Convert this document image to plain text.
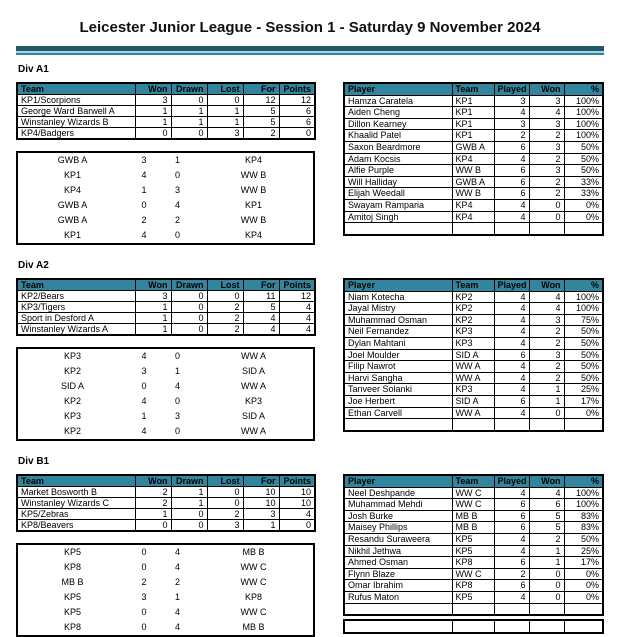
Leicester Junior League - Session 1 - Saturday 9 November 2024
Div A1
Team	Won	Drawn	Lost	For	Points
KP1/Scorpions	3	0	0	12	12
George Ward Barwell A	1	1	1	5	6
Winstanley Wizards B	1	1	1	5	6
KP4/Badgers	0	0	3	2	0
GWB A	3	1	KP4
KP1	4	0	WW B
KP4	1	3	WW B
GWB A	0	4	KP1
GWB A	2	2	WW B
KP1	4	0	KP4
Player	Team	Played	Won	%
Hamza Caratela	KP1	3	3	100%
Aiden Cheng	KP1	4	4	100%
Dillon Kearney	KP1	3	3	100%
Khaalid Patel	KP1	2	2	100%
Saxon Beardmore	GWB A	6	3	50%
Adam Kocsis	KP4	4	2	50%
Alfie Purple	WW B	6	3	50%
Will Halliday	GWB A	6	2	33%
Elijah Weedall	WW B	6	2	33%
Swayam Ramparia	KP4	4	0	0%
Amitoj Singh	KP4	4	0	0%

Div A2
Team	Won	Drawn	Lost	For	Points
KP2/Bears	3	0	0	11	12
KP3/Tigers	1	0	2	5	4
Sport in Desford A	1	0	2	4	4
Winstanley Wizards A	1	0	2	4	4
KP3	4	0	WW A
KP2	3	1	SID A
SID A	0	4	WW A
KP2	4	0	KP3
KP3	1	3	SID A
KP2	4	0	WW A
Player	Team	Played	Won	%
Niam Kotecha	KP2	4	4	100%
Jayal Mistry	KP2	4	4	100%
Muhammad Osman	KP2	4	3	75%
Neil Fernandez	KP3	4	2	50%
Dylan Mahtani	KP3	4	2	50%
Joel Moulder	SID A	6	3	50%
Filip Nawrot	WW A	4	2	50%
Harvi Sangha	WW A	4	2	50%
Tanveer Solanki	KP3	4	1	25%
Joe Herbert	SID A	6	1	17%
Ethan Carvell	WW A	4	0	0%

Div B1
Team	Won	Drawn	Lost	For	Points
Market Bosworth B	2	1	0	10	10
Winstanley Wizards C	2	1	0	10	10
KP5/Zebras	1	0	2	3	4
KP8/Beavers	0	0	3	1	0
KP5	0	4	MB B
KP8	0	4	WW C
MB B	2	2	WW C
KP5	3	1	KP8
KP5	0	4	WW C
KP8	0	4	MB B
Player	Team	Played	Won	%
Neel Deshpande	WW C	4	4	100%
Muhammad Mehdi	WW C	6	6	100%
Josh Burke	MB B	6	5	83%
Maisey Phillips	MB B	6	5	83%
Resandu Suraweera	KP5	4	2	50%
Nikhil Jethwa	KP5	4	1	25%
Ahmed Osman	KP8	6	1	17%
Flynn Blaze	WW C	2	0	0%
Omar Ibrahim	KP8	6	0	0%
Rufus Maton	KP5	4	0	0%
